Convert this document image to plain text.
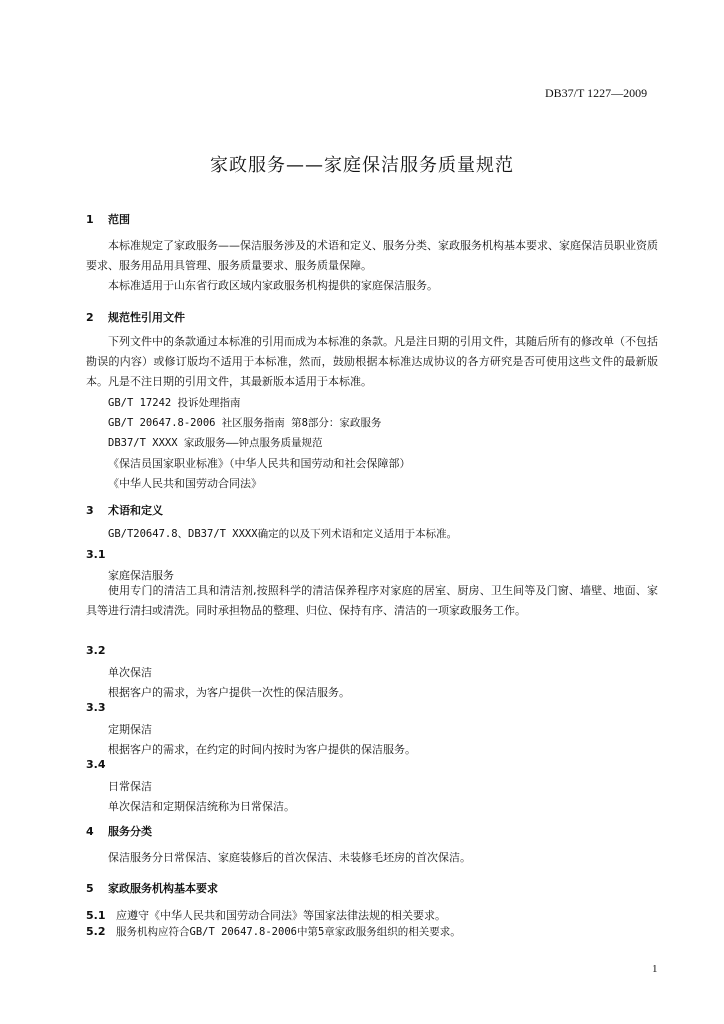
DB37/T 1227—2009
家政服务——家庭保洁服务质量规范
1 范围
本标准规定了家政服务——保洁服务涉及的术语和定义、服务分类、家政服务机构基本要求、家庭保洁员职业资质要求、服务用品用具管理、服务质量要求、服务质量保障。
本标准适用于山东省行政区域内家政服务机构提供的家庭保洁服务。
2 规范性引用文件
下列文件中的条款通过本标准的引用而成为本标准的条款。凡是注日期的引用文件，其随后所有的修改单（不包括勘误的内容）或修订版均不适用于本标准，然而，鼓励根据本标准达成协议的各方研究是否可使用这些文件的最新版本。凡是不注日期的引用文件，其最新版本适用于本标准。
GB/T 17242 投诉处理指南
GB/T 20647.8-2006 社区服务指南 第8部分：家政服务
DB37/T XXXX 家政服务——钟点服务质量规范
《保洁员国家职业标准》（中华人民共和国劳动和社会保障部）
《中华人民共和国劳动合同法》
3 术语和定义
GB/T20647.8、DB37/T XXXX确定的以及下列术语和定义适用于本标准。
3.1
家庭保洁服务
使用专门的清洁工具和清洁剂,按照科学的清洁保养程序对家庭的居室、厨房、卫生间等及门窗、墙壁、地面、家具等进行清扫或清洗。同时承担物品的整理、归位、保持有序、清洁的一项家政服务工作。
3.2
单次保洁
根据客户的需求，为客户提供一次性的保洁服务。
3.3
定期保洁
根据客户的需求，在约定的时间内按时为客户提供的保洁服务。
3.4
日常保洁
单次保洁和定期保洁统称为日常保洁。
4 服务分类
保洁服务分日常保洁、家庭装修后的首次保洁、未装修毛坯房的首次保洁。
5 家政服务机构基本要求
5.1 应遵守《中华人民共和国劳动合同法》等国家法律法规的相关要求。
5.2 服务机构应符合GB/T 20647.8-2006中第5章家政服务组织的相关要求。
1
